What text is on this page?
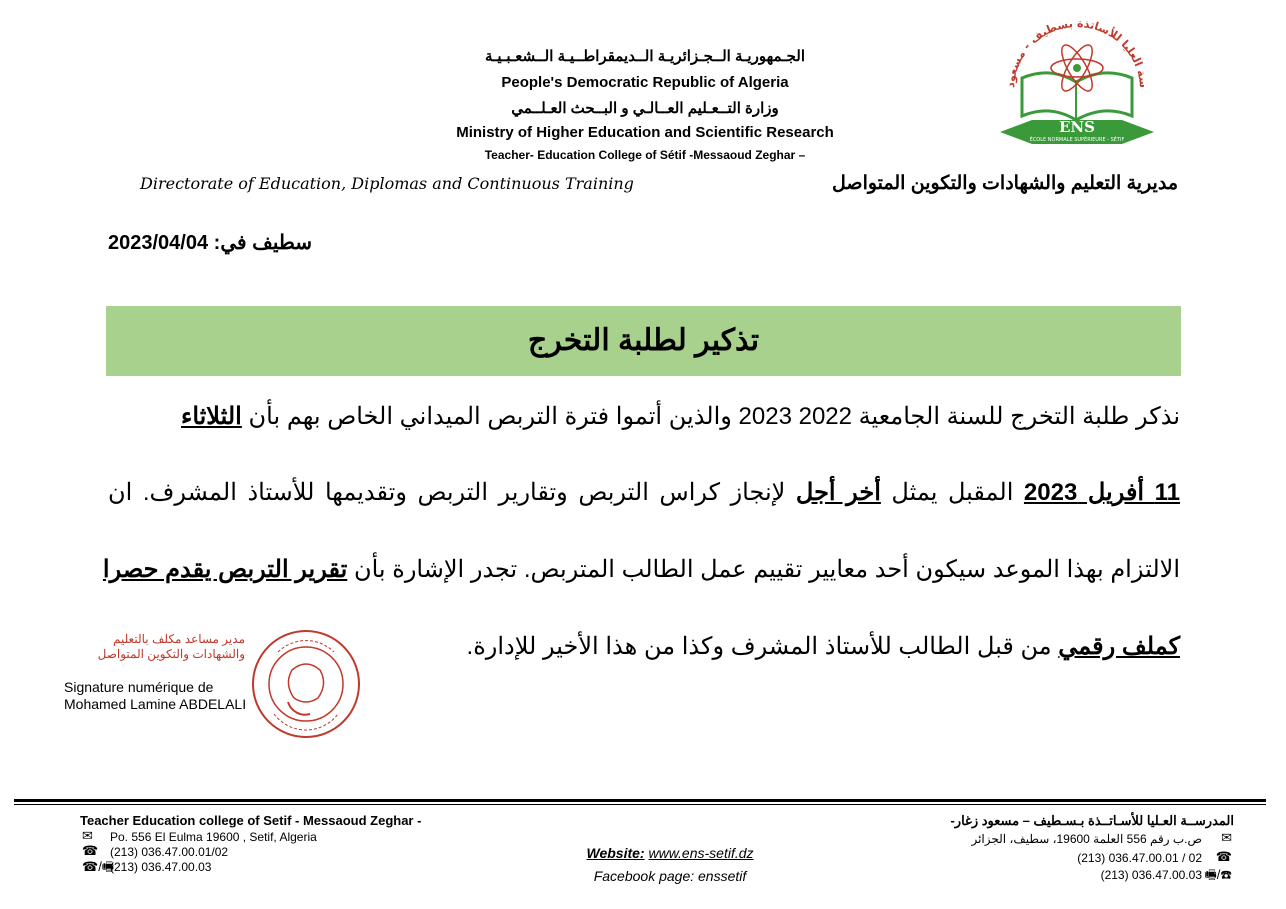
الجـمهوريـة الــجـزائريـة الــديمقراطــيـة الــشعـبـيـة
People's Democratic Republic of Algeria
وزارة التــعـليم العــالـي و البــحث العـلــمي
Ministry of Higher Education and Scientific Research
Teacher- Education College of Sétif -Messaoud Zeghar –
Directorate of Education, Diplomas and Continuous Training	مديرية التعليم والشهادات والتكوين المتواصل
سة العليا للأساتذة بسطيف - مسعود
ENS
ÉCOLE NORMALE SUPÉRIEURE - SÉTIF
سطيف في: 2023/04/04
تذكير لطلبة التخرج
نذكر طلبة التخرج للسنة الجامعية 2022 2023 والذين أتموا فترة التربص الميداني الخاص بهم بأن الثلاثاء
11 أفريل 2023 المقبل يمثل أخر أجل لإنجاز كراس التربص وتقارير التربص وتقديمها للأستاذ المشرف. ان
الالتزام بهذا الموعد سيكون أحد معايير تقييم عمل الطالب المتربص. تجدر الإشارة بأن تقرير التربص يقدم حصرا
كملف رقمي من قبل الطالب للأستاذ المشرف وكذا من هذا الأخير للإدارة.
مدير مساعد مكلف بالتعليم والشهادات والتكوين المتواصل
Signature numérique de
Mohamed Lamine ABDELALI
Teacher Education college of Setif - Messaoud Zeghar -
✉ Po. 556 El Eulma 19600 , Setif, Algeria
☎ (213) 036.47.00.01/02
☎/🖷
(213) 036.47.00.03
Website: www.ens-setif.dz
Facebook page: enssetif
المدرســة العـليا للأسـاتــذة بـسـطيف – مسعود زغار-
✉
ص.ب رقم 556 العلمة 19600، سطيف، الجزائر
☎
(213) 036.47.00.01 / 02
🖷/☎
(213) 036.47.00.03
